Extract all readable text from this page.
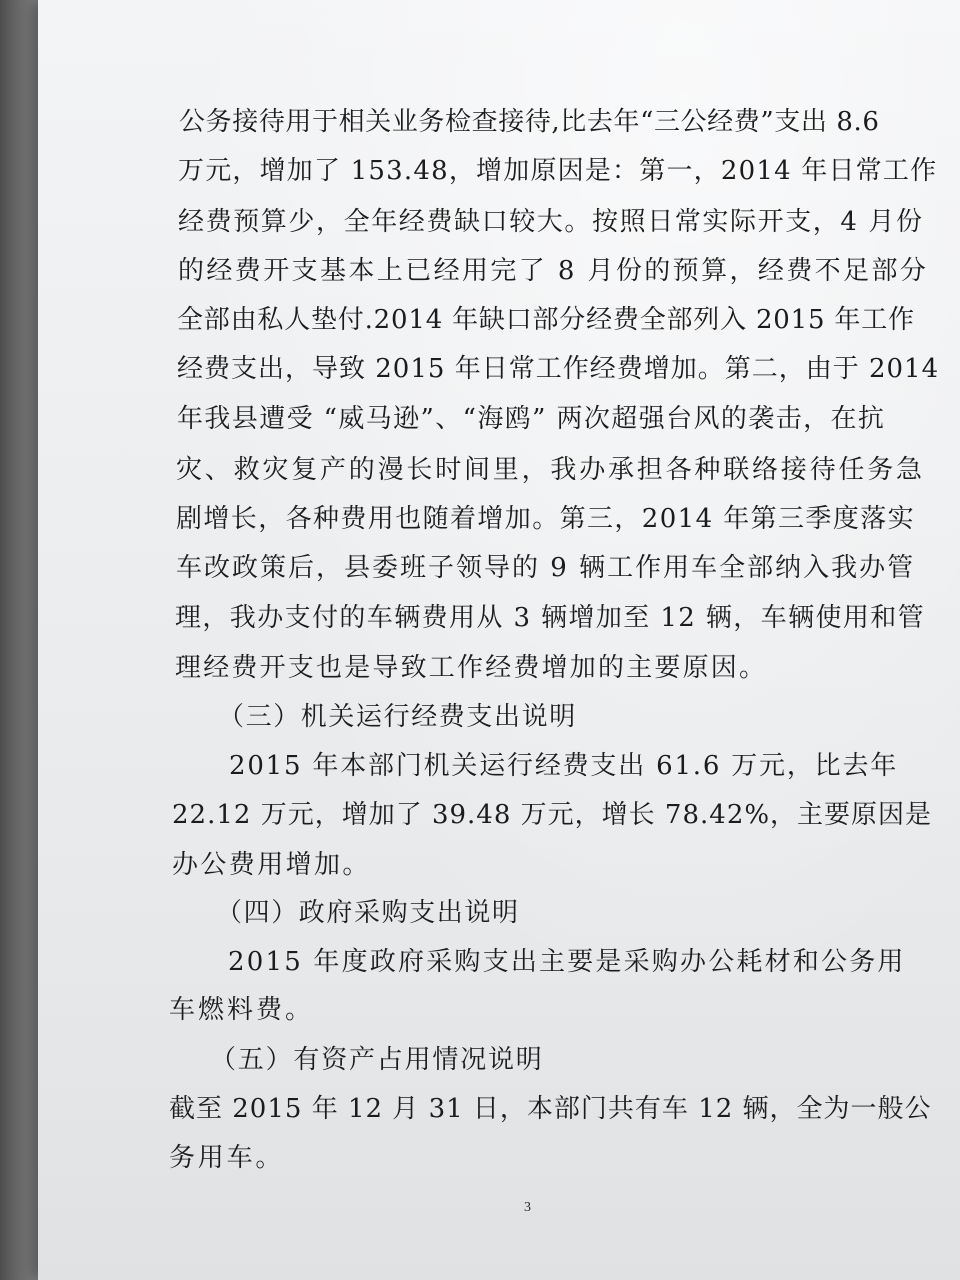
公务接待用于相关业务检查接待,比去年“三公经费”支出 8.6

万元，增加了 153.48，增加原因是：第一，2014 年日常工作

经费预算少，全年经费缺口较大。按照日常实际开支，4 月份

的经费开支基本上已经用完了 8 月份的预算，经费不足部分

全部由私人垫付.2014 年缺口部分经费全部列入 2015 年工作

经费支出，导致 2015 年日常工作经费增加。第二，由于 2014

年我县遭受 “威马逊”、“海鸥” 两次超强台风的袭击，在抗

灾、救灾复产的漫长时间里，我办承担各种联络接待任务急

剧增长，各种费用也随着增加。第三，2014 年第三季度落实

车改政策后，县委班子领导的 9 辆工作用车全部纳入我办管

理，我办支付的车辆费用从 3 辆增加至 12 辆，车辆使用和管

理经费开支也是导致工作经费增加的主要原因。

（三）机关运行经费支出说明

2015 年本部门机关运行经费支出 61.6 万元，比去年

22.12 万元，增加了 39.48 万元，增长 78.42%，主要原因是

办公费用增加。

（四）政府采购支出说明

2015 年度政府采购支出主要是采购办公耗材和公务用

车燃料费。

（五）有资产占用情况说明

截至 2015 年 12 月 31 日，本部门共有车 12 辆，全为一般公

务用车。

3
